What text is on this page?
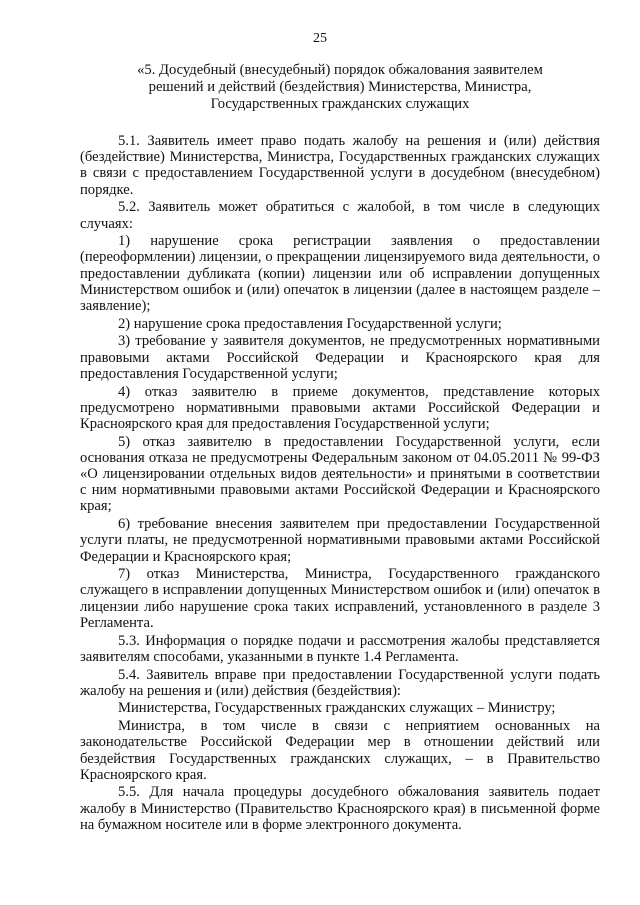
25
«5. Досудебный (внесудебный) порядок обжалования заявителем
решений и действий (бездействия) Министерства, Министра,
Государственных гражданских служащих

5.1. Заявитель имеет право подать жалобу на решения и (или) действия (бездействие) Министерства, Министра, Государственных гражданских служащих в связи с предоставлением Государственной услуги в досудебном (внесудебном) порядке.

5.2. Заявитель может обратиться с жалобой, в том числе в следующих случаях:

1) нарушение срока регистрации заявления о предоставлении (переоформлении) лицензии, о прекращении лицензируемого вида деятельности, о предоставлении дубликата (копии) лицензии или об исправлении допущенных Министерством ошибок и (или) опечаток в лицензии (далее в настоящем разделе – заявление);

2) нарушение срока предоставления Государственной услуги;

3) требование у заявителя документов, не предусмотренных нормативными правовыми актами Российской Федерации и Красноярского края для предоставления Государственной услуги;

4) отказ заявителю в приеме документов, представление которых предусмотрено нормативными правовыми актами Российской Федерации и Красноярского края для предоставления Государственной услуги;

5) отказ заявителю в предоставлении Государственной услуги, если основания отказа не предусмотрены Федеральным законом от 04.05.2011 № 99-ФЗ «О лицензировании отдельных видов деятельности» и принятыми в соответствии с ним нормативными правовыми актами Российской Федерации и Красноярского края;

6) требование внесения заявителем при предоставлении Государственной услуги платы, не предусмотренной нормативными правовыми актами Российской Федерации и Красноярского края;

7) отказ Министерства, Министра, Государственного гражданского служащего в исправлении допущенных Министерством ошибок и (или) опечаток в лицензии либо нарушение срока таких исправлений, установленного в разделе 3 Регламента.

5.3. Информация о порядке подачи и рассмотрения жалобы представляется заявителям способами, указанными в пункте 1.4 Регламента.

5.4. Заявитель вправе при предоставлении Государственной услуги подать жалобу на решения и (или) действия (бездействия):

Министерства, Государственных гражданских служащих – Министру;

Министра, в том числе в связи с неприятием основанных на законодательстве Российской Федерации мер в отношении действий или бездействия Государственных гражданских служащих, – в Правительство Красноярского края.

5.5. Для начала процедуры досудебного обжалования заявитель подает жалобу в Министерство (Правительство Красноярского края) в письменной форме на бумажном носителе или в форме электронного документа.
